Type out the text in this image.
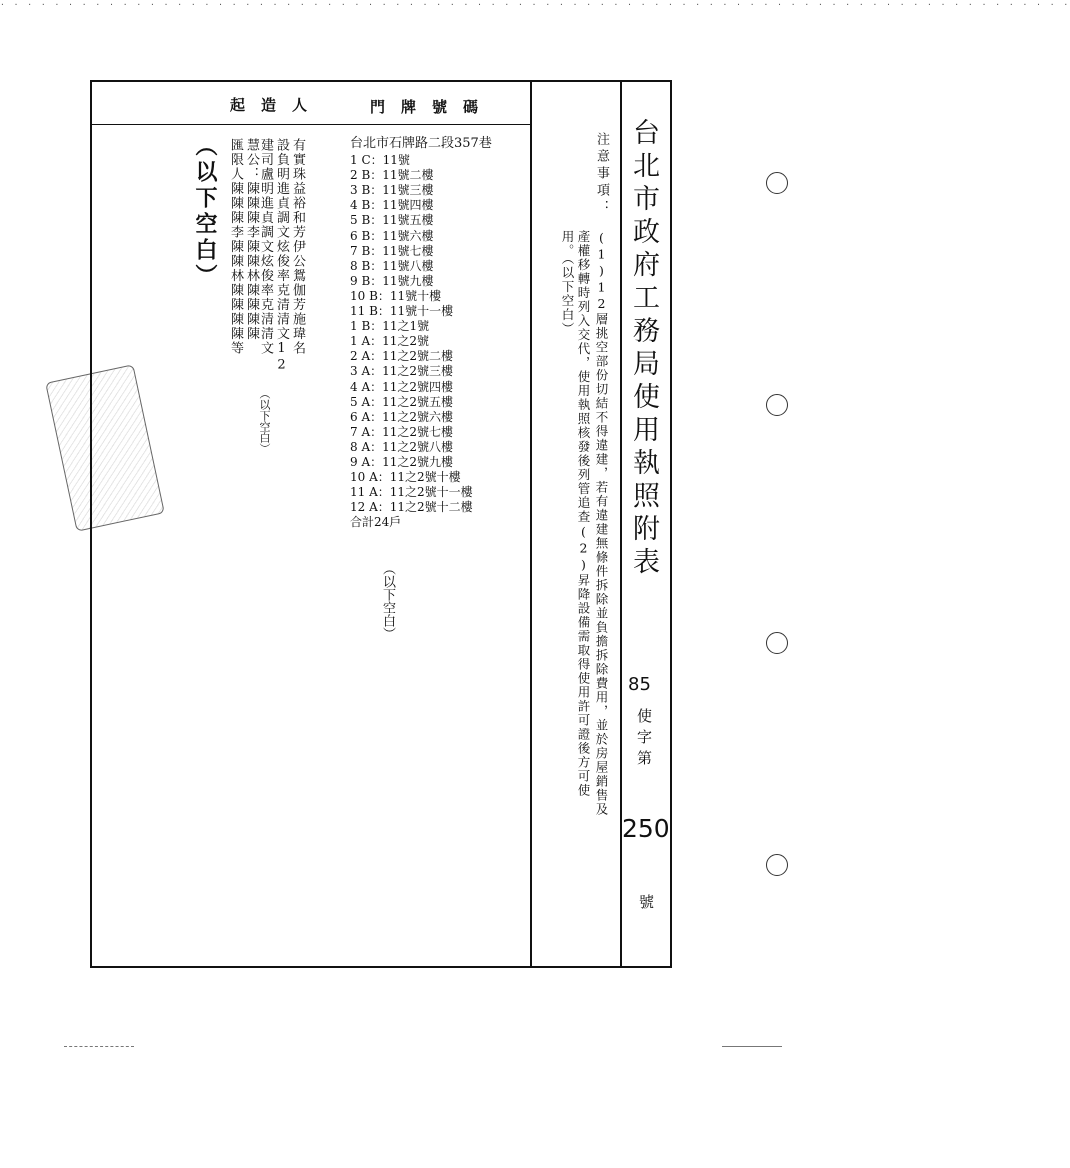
· · · · · · · · · · · · · · · · · · · · · · · · · · · · · · · · · · · · · · · · · · · · · · · · · · · · · · · · · · · · · · · · · · · · · · · · · · · · · · ·
起造人	門牌號碼
有實珠益裕和芳伊公鴛伽芳施瑋名
設負明進貞調文炫俊率克清清文12
建司盧明進貞調文炫俊率克清清文
慧公：陳陳陳李陳陳林陳陳陳陳
匯限人陳陳陳李陳陳林陳陳陳陳等
（以下空白）
（以下空白）	台北市石牌路二段357巷
1 C：11號
2 B：11號二樓
3 B：11號三樓
4 B：11號四樓
5 B：11號五樓
6 B：11號六樓
7 B：11號七樓
8 B：11號八樓
9 B：11號九樓
10 B：11號十樓
11 B：11號十一樓
1 B：11之1號
1 A：11之2號
2 A：11之2號二樓
3 A：11之2號三樓
4 A：11之2號四樓
5 A：11之2號五樓
6 A：11之2號六樓
7 A：11之2號七樓
8 A：11之2號八樓
9 A：11之2號九樓
10 A：11之2號十樓
11 A：11之2號十一樓
12 A：11之2號十二樓
合計24戶
（以下空白）
注意事項：
(1)12層挑空部份切結不得違建，若有違建無條件拆除並負擔拆除費用，並於房屋銷售及
產權移轉時列入交代，使用執照核發後列管追查(2)昇降設備需取得使用許可證後方可使
用。（以下空白） 台北市政府工務局使用執照附表
85
使字第
250
號
